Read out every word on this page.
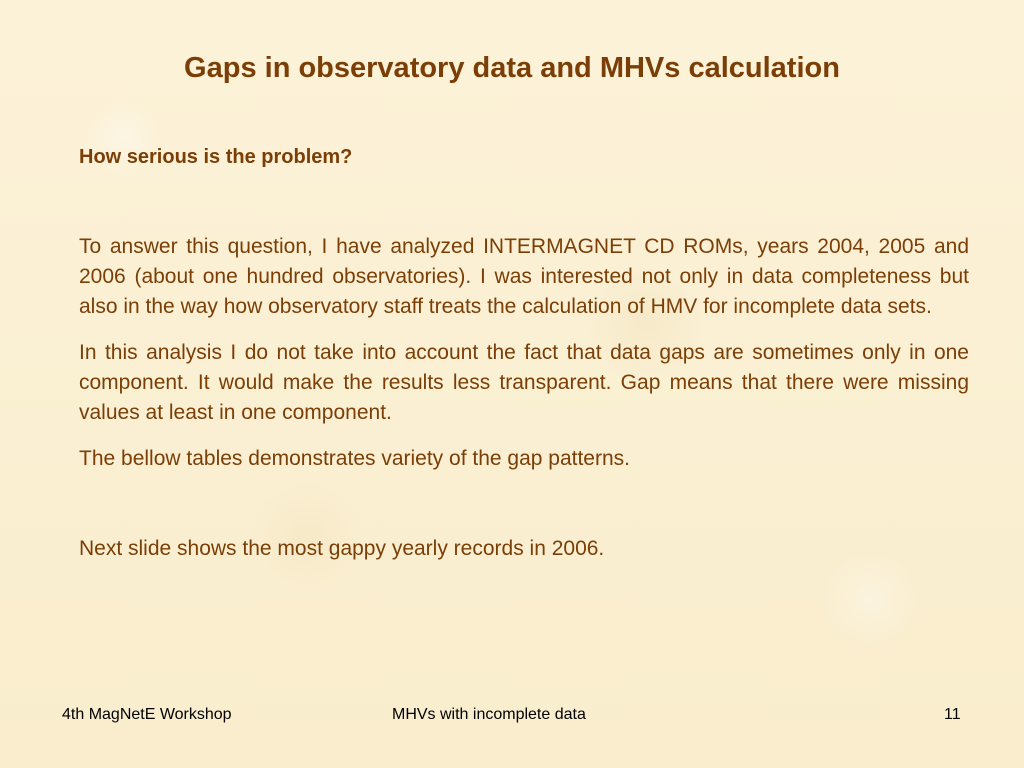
Gaps in observatory data and MHVs calculation

How serious is the problem?

To answer this question, I have analyzed INTERMAGNET CD ROMs, years 2004, 2005 and 2006 (about one hundred observatories). I was interested not only in data completeness but also in the way how observatory staff treats the calculation of HMV for incomplete data sets.

In this analysis I do not take into account the fact that data gaps are sometimes only in one component. It would make the results less transparent. Gap means that there were missing values at least in one component.

The bellow tables demonstrates variety of the gap patterns.

Next slide shows the most gappy yearly records in 2006.

4th MagNetE Workshop	MHVs with incomplete data	11
